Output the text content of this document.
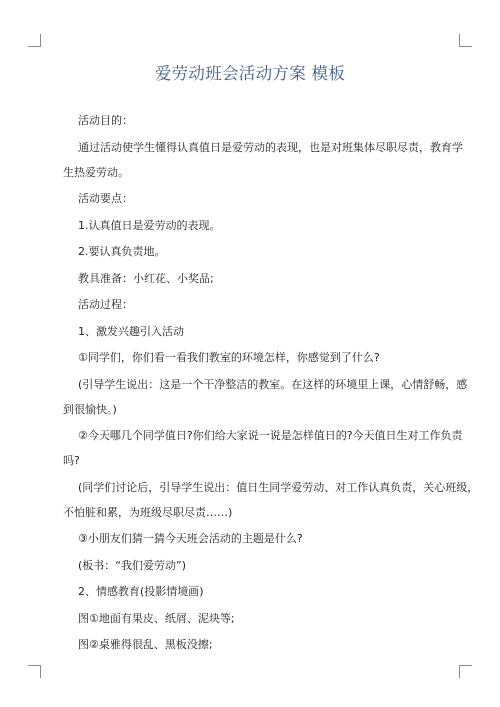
爱劳动班会活动方案 模板
活动目的：
通过活动使学生懂得认真值日是爱劳动的表现，也是对班集体尽职尽责，教育学
生热爱劳动。
活动要点：
1.认真值日是爱劳动的表现。
2.要认真负责地。
教具准备：小红花、小奖品;
活动过程：
1、激发兴趣引入活动
①同学们，你们看一看我们教室的环境怎样，你感觉到了什么?
(引导学生说出：这是一个干净整洁的教室。在这样的环境里上课，心情舒畅，感
到很愉快。)
②今天哪几个同学值日?你们给大家说一说是怎样值日的?今天值日生对工作负责
吗?
(同学们讨论后，引导学生说出：值日生同学爱劳动、对工作认真负责，关心班级，
不怕脏和累，为班级尽职尽责……)
③小朋友们猜一猜今天班会活动的主题是什么?
(板书：“我们爱劳动”)
2、情感教育(投影情境画)
图①地面有果皮、纸屑、泥块等;
图②桌雅得很乱、黑板没擦;
